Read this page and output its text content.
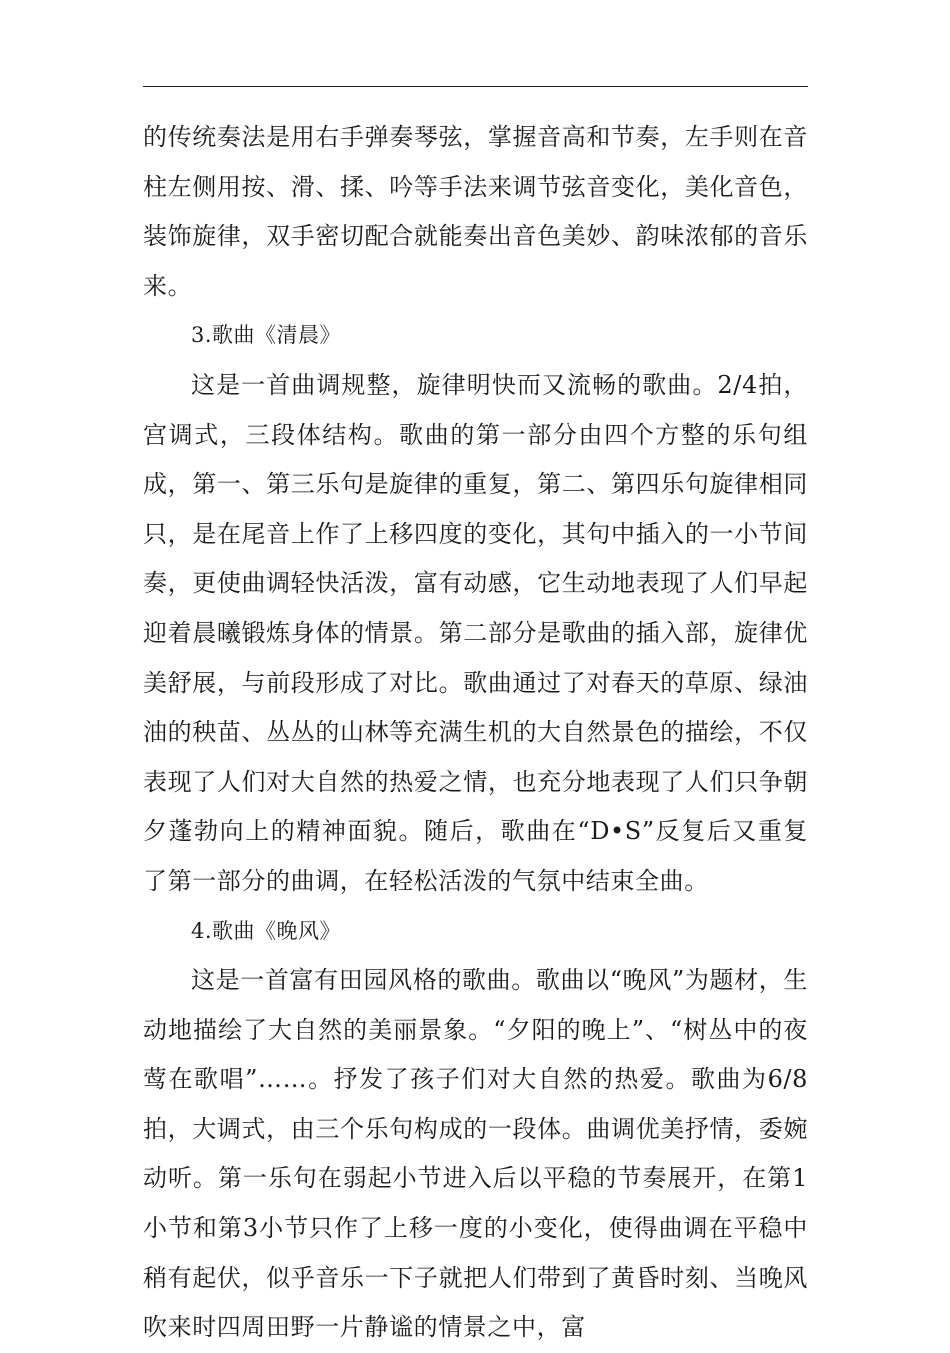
的传统奏法是用右手弹奏琴弦，掌握音高和节奏，左手则在音柱左侧用按、滑、揉、吟等手法来调节弦音变化，美化音色，装饰旋律，双手密切配合就能奏出音色美妙、韵味浓郁的音乐来。

3.歌曲《清晨》

这是一首曲调规整，旋律明快而又流畅的歌曲。2/4拍，宫调式，三段体结构。歌曲的第一部分由四个方整的乐句组成，第一、第三乐句是旋律的重复，第二、第四乐句旋律相同只，是在尾音上作了上移四度的变化，其句中插入的一小节间奏，更使曲调轻快活泼，富有动感，它生动地表现了人们早起迎着晨曦锻炼身体的情景。第二部分是歌曲的插入部，旋律优美舒展，与前段形成了对比。歌曲通过了对春天的草原、绿油油的秧苗、丛丛的山林等充满生机的大自然景色的描绘，不仅表现了人们对大自然的热爱之情，也充分地表现了人们只争朝夕蓬勃向上的精神面貌。随后，歌曲在“D•S”反复后又重复了第一部分的曲调，在轻松活泼的气氛中结束全曲。

4.歌曲《晚风》

这是一首富有田园风格的歌曲。歌曲以“晚风”为题材，生动地描绘了大自然的美丽景象。“夕阳的晚上”、“树丛中的夜莺在歌唱”……。抒发了孩子们对大自然的热爱。歌曲为6/8拍，大调式，由三个乐句构成的一段体。曲调优美抒情，委婉动听。第一乐句在弱起小节进入后以平稳的节奏展开，在第1小节和第3小节只作了上移一度的小变化，使得曲调在平稳中稍有起伏，似乎音乐一下子就把人们带到了黄昏时刻、当晚风吹来时四周田野一片静谧的情景之中，富
